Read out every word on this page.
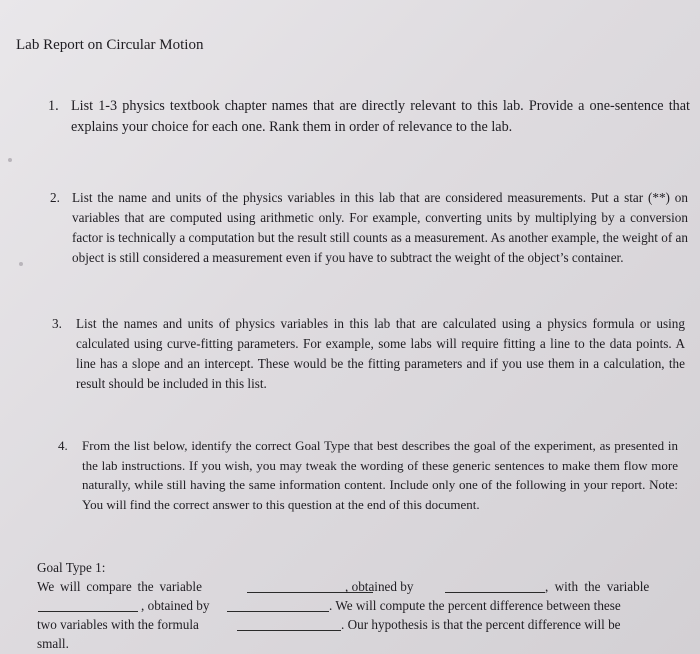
Lab Report on Circular Motion
1. List 1-3 physics textbook chapter names that are directly relevant to this lab. Provide a one-sentence that explains your choice for each one. Rank them in order of relevance to the lab.
2. List the name and units of the physics variables in this lab that are considered measurements. Put a star (**) on variables that are computed using arithmetic only. For example, converting units by multiplying by a conversion factor is technically a computation but the result still counts as a measurement. As another example, the weight of an object is still considered a measurement even if you have to subtract the weight of the object’s container.
3. List the names and units of physics variables in this lab that are calculated using a physics formula or using calculated using curve-fitting parameters. For example, some labs will require fitting a line to the data points. A line has a slope and an intercept. These would be the fitting parameters and if you use them in a calculation, the result should be included in this list.
4. From the list below, identify the correct Goal Type that best describes the goal of the experiment, as presented in the lab instructions. If you wish, you may tweak the wording of these generic sentences to make them flow more naturally, while still having the same information content. Include only one of the following in your report. Note: You will find the correct answer to this question at the end of this document.
Goal Type 1:
We will compare the variable	, obtained by	, with the variable
, obtained by	. We will compute the percent difference between these
two variables with the formula	. Our hypothesis is that the percent difference will be
small.
